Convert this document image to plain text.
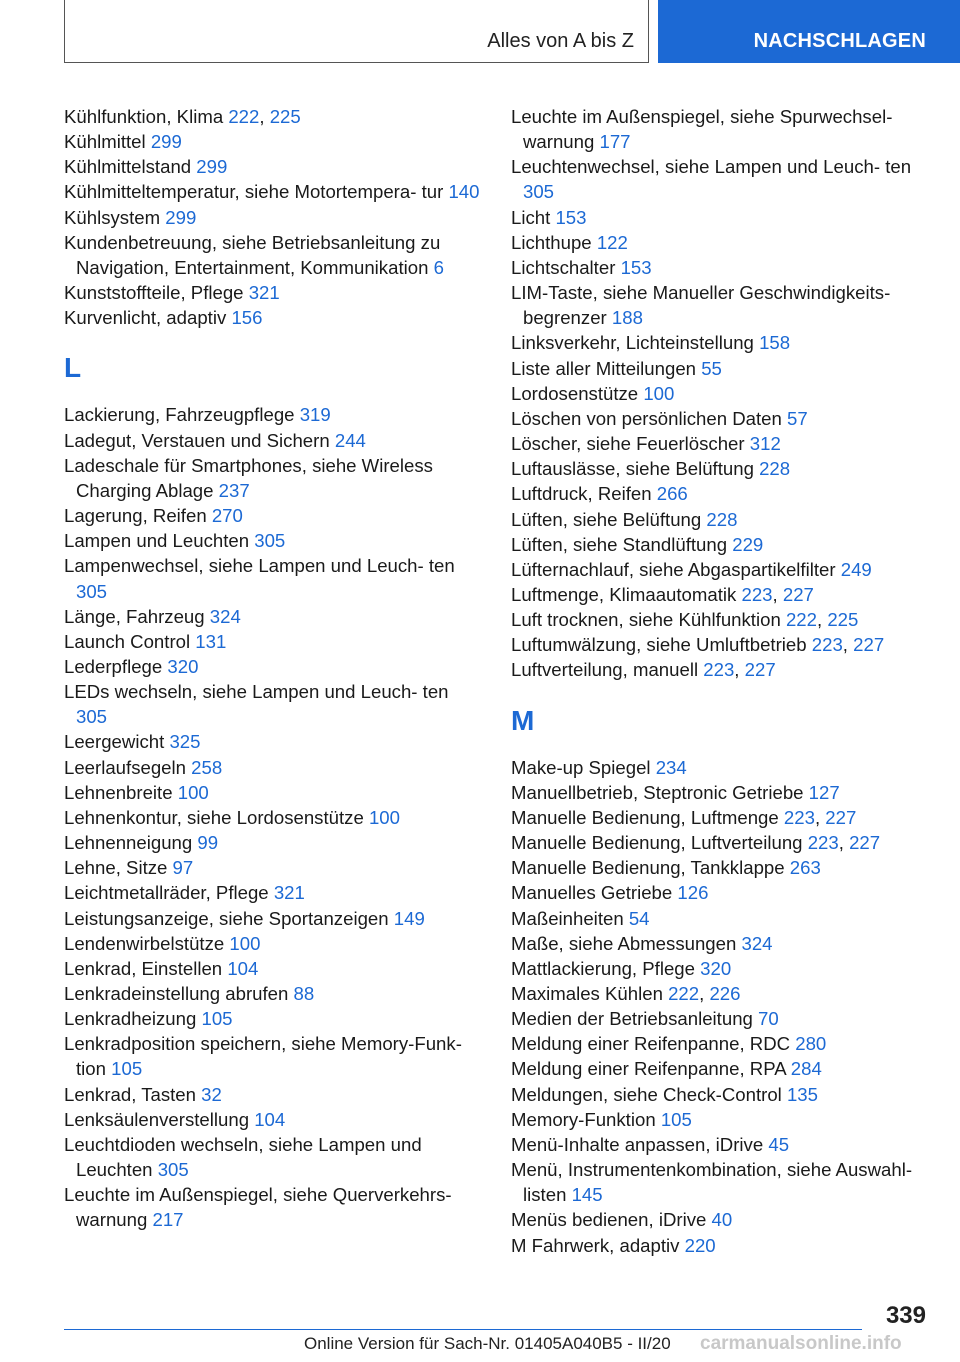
Alles von A bis Z	NACHSCHLAGEN
Kühlfunktion, Klima 222, 225
Kühlmittel 299
Kühlmittelstand 299
Kühlmitteltemperatur, siehe Motortempera‐ tur 140
Kühlsystem 299
Kundenbetreuung, siehe Betriebsanleitung zu Navigation, Entertainment, Kommunikation 6
Kunststoffteile, Pflege 321
Kurvenlicht, adaptiv 156
L
Lackierung, Fahrzeugpflege 319
Ladegut, Verstauen und Sichern 244
Ladeschale für Smartphones, siehe Wireless Charging Ablage 237
Lagerung, Reifen 270
Lampen und Leuchten 305
Lampenwechsel, siehe Lampen und Leuch‐ ten 305
Länge, Fahrzeug 324
Launch Control 131
Lederpflege 320
LEDs wechseln, siehe Lampen und Leuch‐ ten 305
Leergewicht 325
Leerlaufsegeln 258
Lehnenbreite 100
Lehnenkontur, siehe Lordosenstütze 100
Lehnenneigung 99
Lehne, Sitze 97
Leichtmetallräder, Pflege 321
Leistungsanzeige, siehe Sportanzeigen 149
Lendenwirbelstütze 100
Lenkrad, Einstellen 104
Lenkradeinstellung abrufen 88
Lenkradheizung 105
Lenkradposition speichern, siehe Memory-Funk‐ tion 105
Lenkrad, Tasten 32
Lenksäulenverstellung 104
Leuchtdioden wechseln, siehe Lampen und Leuchten 305
Leuchte im Außenspiegel, siehe Querverkehrs‐ warnung 217
Leuchte im Außenspiegel, siehe Spurwechsel‐ warnung 177
Leuchtenwechsel, siehe Lampen und Leuch‐ ten 305
Licht 153
Lichthupe 122
Lichtschalter 153
LIM-Taste, siehe Manueller Geschwindigkeits‐ begrenzer 188
Linksverkehr, Lichteinstellung 158
Liste aller Mitteilungen 55
Lordosenstütze 100
Löschen von persönlichen Daten 57
Löscher, siehe Feuerlöscher 312
Luftauslässe, siehe Belüftung 228
Luftdruck, Reifen 266
Lüften, siehe Belüftung 228
Lüften, siehe Standlüftung 229
Lüfternachlauf, siehe Abgaspartikelfilter 249
Luftmenge, Klimaautomatik 223, 227
Luft trocknen, siehe Kühlfunktion 222, 225
Luftumwälzung, siehe Umluftbetrieb 223, 227
Luftverteilung, manuell 223, 227
M
Make-up Spiegel 234
Manuellbetrieb, Steptronic Getriebe 127
Manuelle Bedienung, Luftmenge 223, 227
Manuelle Bedienung, Luftverteilung 223, 227
Manuelle Bedienung, Tankklappe 263
Manuelles Getriebe 126
Maßeinheiten 54
Maße, siehe Abmessungen 324
Mattlackierung, Pflege 320
Maximales Kühlen 222, 226
Medien der Betriebsanleitung 70
Meldung einer Reifenpanne, RDC 280
Meldung einer Reifenpanne, RPA 284
Meldungen, siehe Check-Control 135
Memory-Funktion 105
Menü-Inhalte anpassen, iDrive 45
Menü, Instrumentenkombination, siehe Auswahl‐ listen 145
Menüs bedienen, iDrive 40
M Fahrwerk, adaptiv 220
339
Online Version für Sach-Nr. 01405A040B5 - II/20 carmanualsonline.info
